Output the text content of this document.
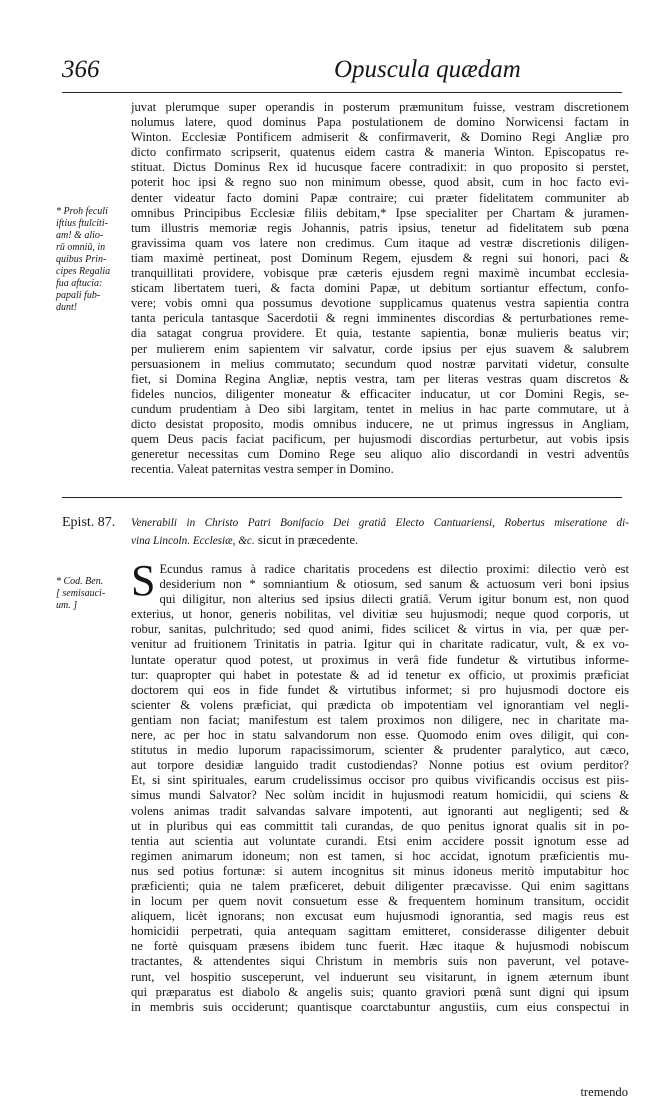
366	Opuscula quædam
juvat plerumque super operandis in posterum præmunitum fuisse, vestram discretionem
nolumus latere, quod dominus Papa postulationem de domino Norwicensi factam in
Winton. Ecclesiæ Pontificem admiserit & confirmaverit, & Domino Regi Angliæ pro
dicto confirmato scripserit, quatenus eidem castra & maneria Winton. Episcopatus re-
stituat. Dictus Dominus Rex id hucusque facere contradixit: in quo proposito si perstet,
poterit hoc ipsi & regno suo non minimum obesse, quod absit, cum in hoc facto evi-
denter videatur facto domini Papæ contraire; cui præter fidelitatem communiter ab
omnibus Principibus Ecclesiæ filiis debitam,* Ipse specialiter per Chartam & juramen-
tum illustris memoriæ regis Johannis, patris ipsius, tenetur ad fidelitatem sub pœna
gravissima quam vos latere non credimus. Cum itaque ad vestræ discretionis diligen-
tiam maximè pertineat, post Dominum Regem, ejusdem & regni sui honori, paci &
tranquillitati providere, vobisque præ cæteris ejusdem regni maximè incumbat ecclesia-
sticam libertatem tueri, & facta domini Papæ, ut debitum sortiantur effectum, confo-
vere; vobis omni qua possumus devotione supplicamus quatenus vestra sapientia contra
tanta pericula tantasque Sacerdotii & regni imminentes discordias & perturbationes reme-
dia satagat congrua providere. Et quia, testante sapientia, bonæ mulieris beatus vir;
per mulierem enim sapientem vir salvatur, corde ipsius per ejus suavem & salubrem
persuasionem in melius commutato; secundum quod nostræ parvitati videtur, consulte
fiet, si Domina Regina Angliæ, neptis vestra, tam per literas vestras quam discretos &
fideles nuncios, diligenter moneatur & efficaciter inducatur, ut cor Domini Regis, se-
cundum prudentiam à Deo sibi largitam, tentet in melius in hac parte commutare, ut à
dicto desistat proposito, modis omnibus inducere, ne ut primus ingressus in Angliam,
quem Deus pacis faciat pacificum, per hujusmodi discordias perturbetur, aut vobis ipsis
generetur necessitas cum Domino Rege seu aliquo alio discordandi in vestri adventûs
recentia. Valeat paternitas vestra semper in Domino.
* Proh feculi
iftius ftulciti-
am! & alio-
rū omniū, in
quibus Prin-
cipes Regalia
fua aftucia:
papali fub-
dunt!
Epist. 87. Venerabili in Christo Patri Bonifacio Dei gratiâ Electo Cantuariensi, Robertus miseratione di-
vina Lincoln. Ecclesiæ, &c. sicut in præcedente.
* Cod. Ben.
[ semisauci-
um. ]
S Ecundus ramus à radice charitatis procedens est dilectio proximi: dilectio verò est
desiderium non * somniantium & otiosum, sed sanum & actuosum veri boni ipsius
qui diligitur, non alterius sed ipsius dilecti gratiâ. Verum igitur bonum est, non quod
exterius, ut honor, generis nobilitas, vel divitiæ seu hujusmodi; neque quod corporis, ut
robur, sanitas, pulchritudo; sed quod animi, fides scilicet & virtus in via, per quæ per-
venitur ad fruitionem Trinitatis in patria. Igitur qui in charitate radicatur, vult, & ex vo-
luntate operatur quod potest, ut proximus in verâ fide fundetur & virtutibus informe-
tur: quapropter qui habet in potestate & ad id tenetur ex officio, ut proximis præficiat
doctorem qui eos in fide fundet & virtutibus informet; si pro hujusmodi doctore eis
scienter & volens præficiat, qui prædicta ob impotentiam vel ignorantiam vel negli-
gentiam non faciat; manifestum est talem proximos non diligere, nec in charitate ma-
nere, ac per hoc in statu salvandorum non esse. Quomodo enim oves diligit, qui con-
stitutus in medio luporum rapacissimorum, scienter & prudenter paralytico, aut cæco,
aut torpore desidiæ languido tradit custodiendas? Nonne potius est ovium perditor?
Et, si sint spirituales, earum crudelissimus occisor pro quibus vivificandis occisus est piis-
simus mundi Salvator? Nec solùm incidit in hujusmodi reatum homicidii, qui sciens &
volens animas tradit salvandas salvare impotenti, aut ignoranti aut negligenti; sed &
ut in pluribus qui eas committit tali curandas, de quo penitus ignorat qualis sit in po-
tentia aut scientia aut voluntate curandi. Etsi enim accidere possit ignotum esse ad
regimen animarum idoneum; non est tamen, si hoc accidat, ignotum præficientis mu-
nus sed potius fortunæ: si autem incognitus sit minus idoneus meritò imputabitur hoc
præficienti; quia ne talem præficeret, debuit diligenter præcavisse. Qui enim sagittans
in locum per quem novit consuetum esse & frequentem hominum transitum, occidit
aliquem, licèt ignorans; non excusat eum hujusmodi ignorantia, sed magis reus est
homicidii perpetrati, quia antequam sagittam emitteret, considerasse diligenter debuit
ne fortè quisquam præsens ibidem tunc fuerit. Hæc itaque & hujusmodi nobiscum
tractantes, & attendentes siqui Christum in membris suis non paverunt, vel potave-
runt, vel hospitio susceperunt, vel induerunt seu visitarunt, in ignem æternum ibunt
qui præparatus est diabolo & angelis suis; quanto graviori pœnâ sunt digni qui ipsum
in membris suis occiderunt; quantisque coarctabuntur angustiis, cum eius conspectui in
tremendo
